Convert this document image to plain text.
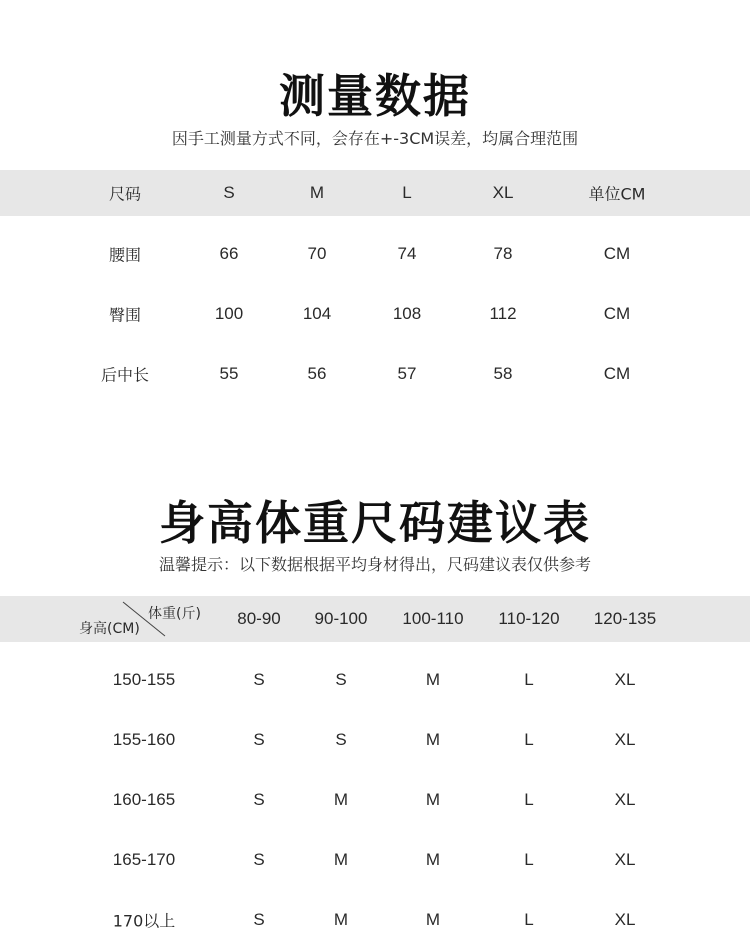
测量数据
因手工测量方式不同，会存在+-3CM误差，均属合理范围
尺码	S	M	L	XL	单位CM
腰围	66	70	74	78	CM
臀围	100	104	108	112	CM
后中长	55	56	57	58	CM
身高体重尺码建议表
温馨提示：以下数据根据平均身材得出，尺码建议表仅供参考
体重(斤)
身高(CM)
80-90 90-100 100-110 110-120 120-135
150-155	S	S	M	L	XL
155-160	S	S	M	L	XL
160-165	S	M	M	L	XL
165-170	S	M	M	L	XL
170以上	S	M	M	L	XL
